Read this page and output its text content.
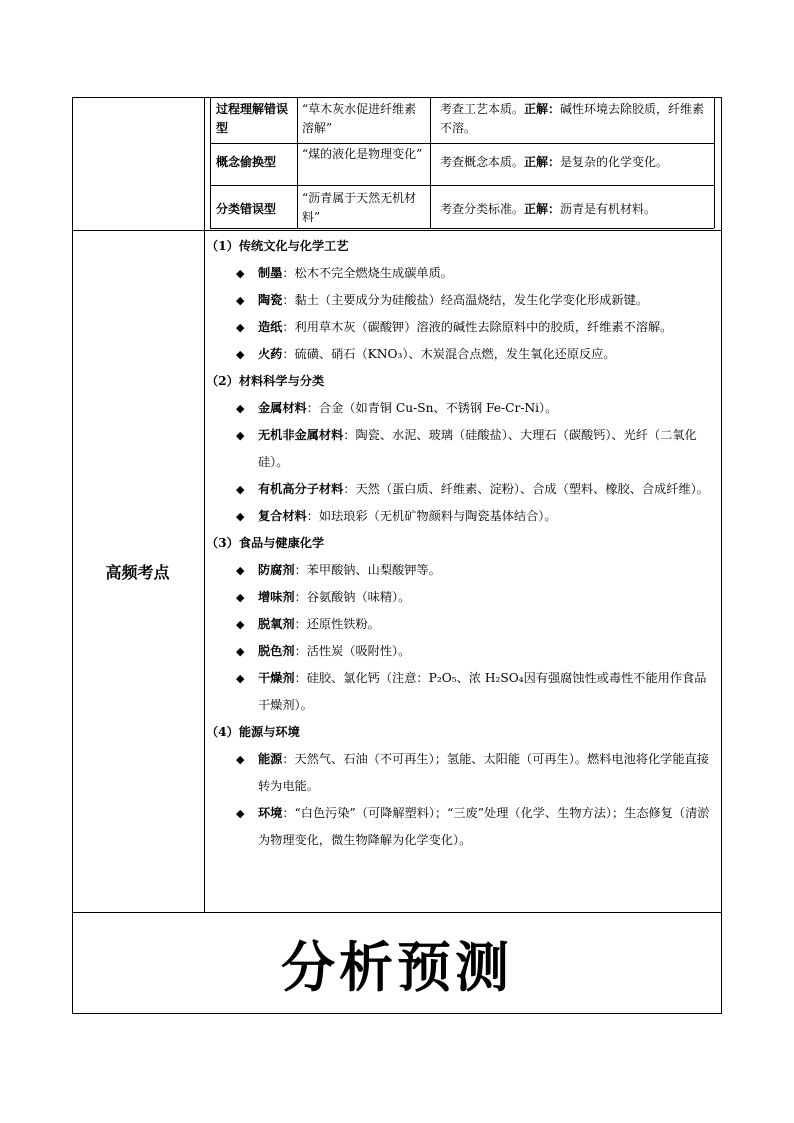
过程理解错误型
“草木灰水促进纤维素溶解”
考查工艺本质。正解：碱性环境去除胶质，纤维素不溶。
概念偷换型
“煤的液化是物理变化”
考查概念本质。正解：是复杂的化学变化。
分类错误型
“沥青属于天然无机材料”
考查分类标准。正解：沥青是有机材料。
高频考点
（1）传统文化与化学工艺
◆ 制墨：松木不完全燃烧生成碳单质。
◆ 陶瓷：黏土（主要成分为硅酸盐）经高温烧结，发生化学变化形成新键。
◆ 造纸：利用草木灰（碳酸钾）溶液的碱性去除原料中的胶质，纤维素不溶解。
◆ 火药：硫磺、硝石（KNO₃）、木炭混合点燃，发生氧化还原反应。
（2）材料科学与分类
◆ 金属材料：合金（如青铜 Cu-Sn、不锈钢 Fe-Cr-Ni）。
◆ 无机非金属材料：陶瓷、水泥、玻璃（硅酸盐）、大理石（碳酸钙）、光纤（二氧化硅）。
◆ 有机高分子材料：天然（蛋白质、纤维素、淀粉）、合成（塑料、橡胶、合成纤维）。
◆ 复合材料：如珐琅彩（无机矿物颜料与陶瓷基体结合）。
（3）食品与健康化学
◆ 防腐剂：苯甲酸钠、山梨酸钾等。
◆ 增味剂：谷氨酸钠（味精）。
◆ 脱氧剂：还原性铁粉。
◆ 脱色剂：活性炭（吸附性）。
◆ 干燥剂：硅胶、氯化钙（注意：P₂O₅、浓 H₂SO₄因有强腐蚀性或毒性不能用作食品干燥剂）。
（4）能源与环境
◆ 能源：天然气、石油（不可再生）；氢能、太阳能（可再生）。燃料电池将化学能直接转为电能。
◆ 环境：“白色污染”（可降解塑料）；“三废”处理（化学、生物方法）；生态修复（清淤为物理变化，微生物降解为化学变化）。
分析预测
